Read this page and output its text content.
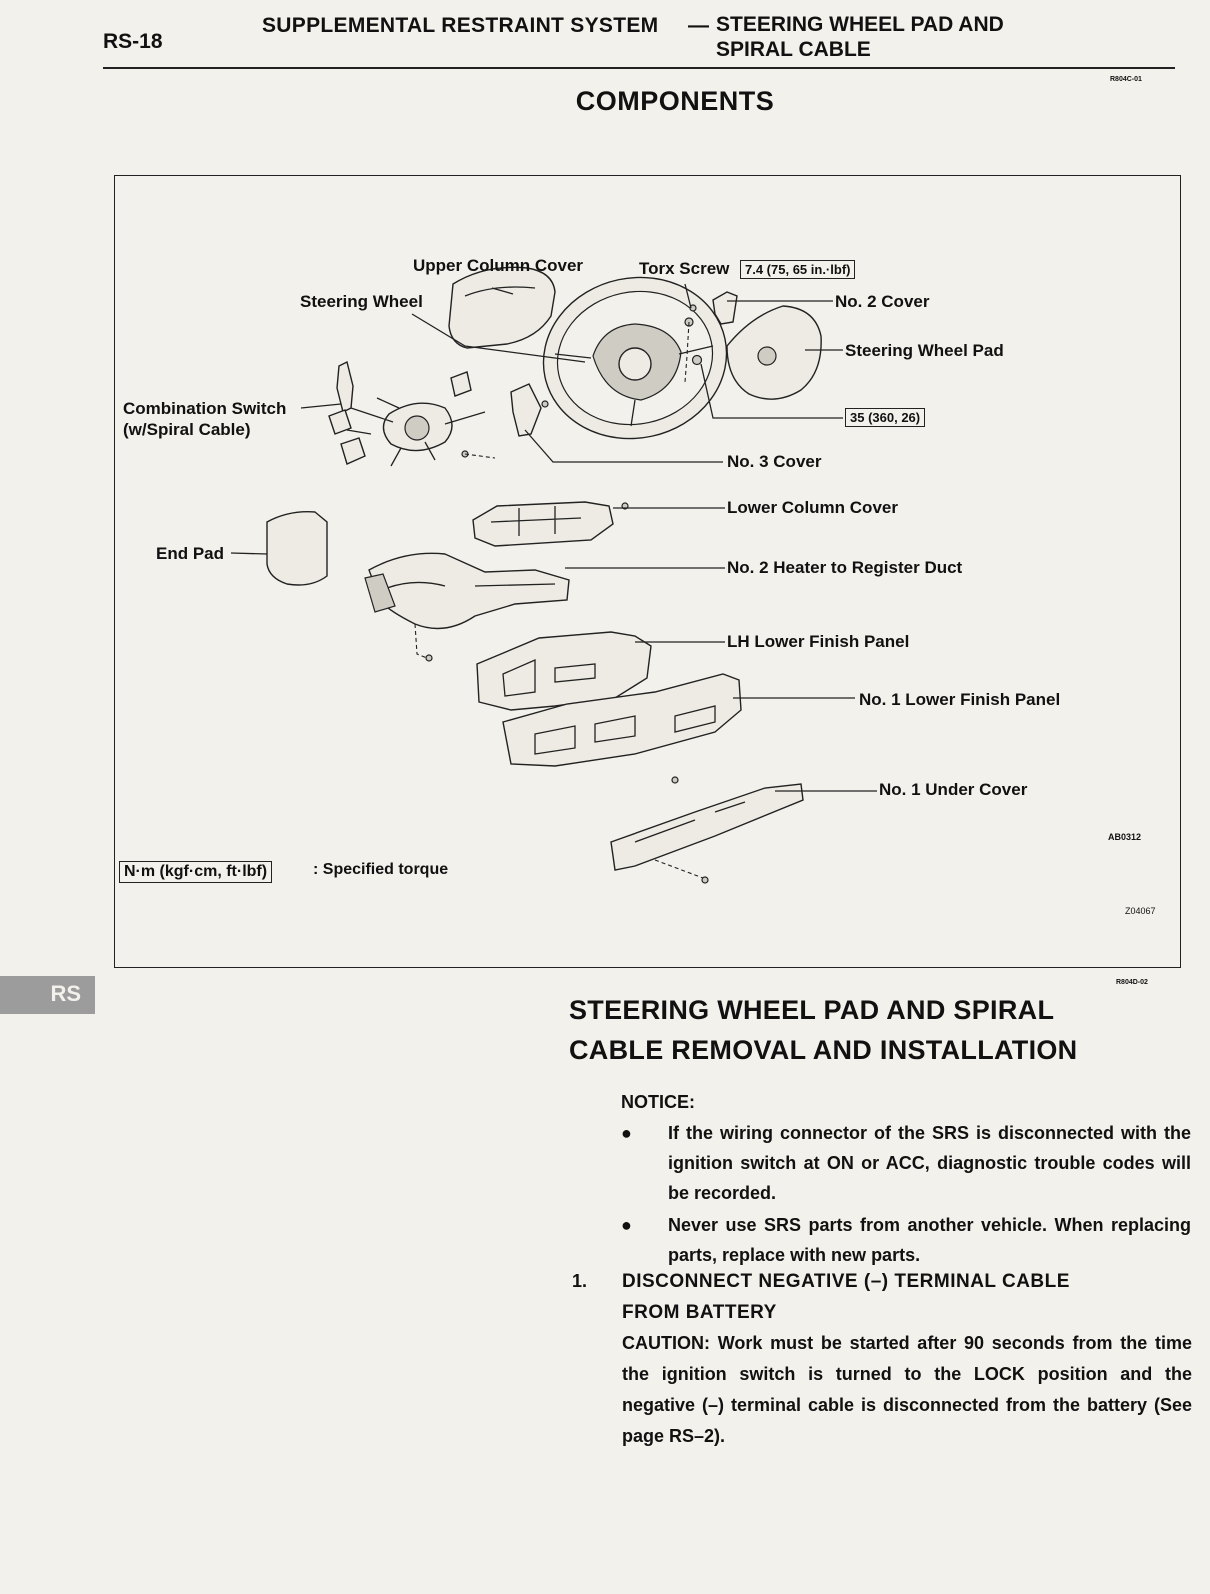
RS-18
SUPPLEMENTAL RESTRAINT SYSTEM — STEERING WHEEL PAD AND
SPIRAL CABLE
R804C-01
COMPONENTS
Upper Column Cover
Steering Wheel
Torx Screw	7.4 (75, 65 in.·lbf)
No. 2 Cover
Steering Wheel Pad
Combination Switch
(w/Spiral Cable)
35 (360, 26)
No. 3 Cover
Lower Column Cover
End Pad
No. 2 Heater to Register Duct
LH Lower Finish Panel
No. 1 Lower Finish Panel
No. 1 Under Cover
AB0312
Z04067
N·m (kgf·cm, ft·lbf)	: Specified torque
RS	R804D-02
STEERING WHEEL PAD AND SPIRAL
CABLE REMOVAL AND INSTALLATION
NOTICE:
● If the wiring connector of the SRS is disconnected with the ignition switch at ON or ACC, diagnostic trouble codes will be recorded.
● Never use SRS parts from another vehicle. When replacing parts, replace with new parts.
1. DISCONNECT NEGATIVE (–) TERMINAL CABLE
FROM BATTERY
CAUTION: Work must be started after 90 seconds from the time the ignition switch is turned to the LOCK position and the negative (–) terminal cable is disconnected from the battery (See page RS–2).
